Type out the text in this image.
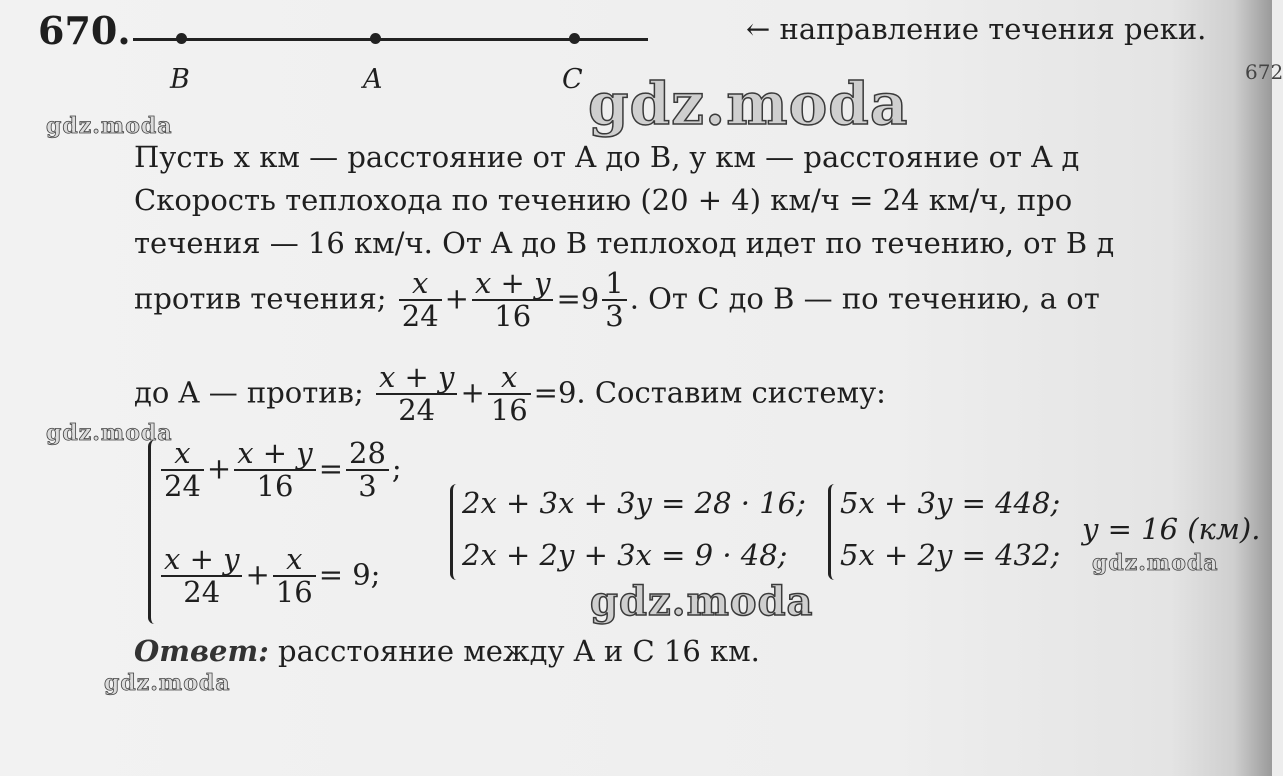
670.
B	A	C
← направление течения реки.
672
gdz.moda
gdz.moda
gdz.moda
gdz.moda
gdz.moda
gdz.moda
Пусть x км — расстояние от A до B, y км — расстояние от A д
Скорость теплохода по течению (20 + 4) км/ч = 24 км/ч, про
течения — 16 км/ч. От A до B теплоход идет по течению, от B д
против течения; $\frac{x}{24} + \frac{x + y}{16} =9 \frac{1}{3}$ . От C до B — по течению, а от
до A — против; $\frac{x + y}{24} + \frac{x}{16} =9$. Составим систему:
$\frac{x}{24} + \frac{x + y}{16} = \frac{28}{3}$ ;
$\frac{x + y}{24} + \frac{x}{16} = 9$;
2x + 3x + 3y = 28 · 16;
2x + 2y + 3x = 9 · 48;
5x + 3y = 448;
5x + 2y = 432;
y = 16 (км).
Ответ: расстояние между A и C 16 км.
